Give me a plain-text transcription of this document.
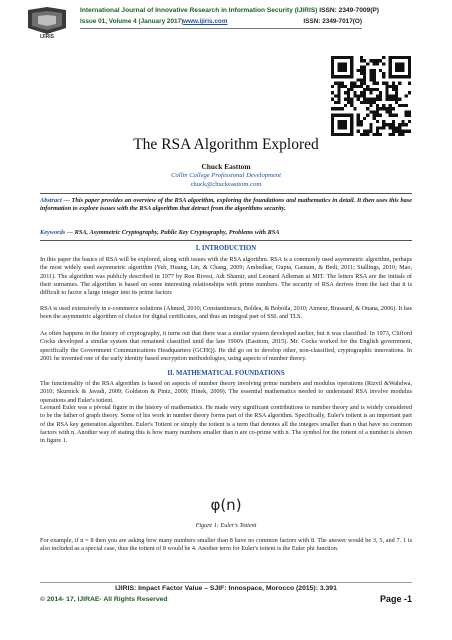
IJIRIS
International Journal of Innovative Research in Information Security (IJIRIS) ISSN: 2349-7009(P)
Issue 01, Volume 4 (January 2017) www.ijiris.com	ISSN: 2349-7017(O)
The RSA Algorithm Explored
Chuck Easttom
Collin College Professional Development
chuck@chuckeasttom.com
Abstract — This paper provides an overview of the RSA algorithm, exploring the foundations and mathematics in detail. It then uses this base information to explore issues with the RSA algorithm that detract from the algorithms security.
Keywords — RSA, Asymmetric Cryptography, Public Key Cryptography, Problems with RSA
I. INTRODUCTION
In this paper the basics of RSA will be explored, along with issues with the RSA algorithm. RSA is a commonly used asymmetric algorithm, perhaps the most widely used asymmetric algorithm (Yeh, Huang, Lin, & Chang, 2009; Ambedkar, Gupta, Gautam, & Bedi, 2011; Stallings, 2010; Mao, 2011). The algorithm was publicly described in 1977 by Ron Rivest, Adi Shamir, and Leonard Adleman at MIT. The letters RSA are the initials of their surnames. The algorithm is based on some interesting relationships with prime numbers. The security of RSA derives from the fact that it is difficult to factor a large integer into its prime factors
RSA is used extensively in e-commerce solutions (Ahmed, 2010; Constantinescu, Boldea, & Boboila, 2010; Aimeur, Brassard, & Onana, 2006). It has been the asymmetric algorithm of choice for digital certificates, and thus an integral part of SSL and TLS.
As often happens in the history of cryptography, it turns out that there was a similar system developed earlier, but it was classified. In 1973, Clifford Cocks developed a similar system that remained classified until the late 1990's (Easttom, 2015). Mr. Cocks worked for the English government, specifically the Government Communications Headquarters (GCHQ). He did go on to develop other, non-classified, cryptographic innovations. In 2001 he invented one of the early identity based encryption methodologies, using aspects of number theory.
II. MATHEMATICAL FOUNDATIONS
The functionality of the RSA algorithm is based on aspects of number theory involving prime numbers and modulus operations (Rizvil &Wahdwa, 2010; Skurnick & Javadi, 2009; Goldston & Pintz, 2009; Hinek, 2009). The essential mathematics needed to understand RSA involve modulus operations and Euler's totient.
Leonard Euler was a pivotal figure in the history of mathematics. He made very significant contributions to number theory and is widely considered to be the father of graph theory. Some of his work in number theory forms part of the RSA algorithm. Specifically, Euler's totient is an important part of the RSA key generation algorithm. Euler's Totient or simply the totient is a term that denotes all the integers smaller than n that have no common factors with n. Another way of stating this is how many numbers smaller than n are co-prime with n. The symbol for the totient of a number is shown in figure 1.
φ(n)
Figure 1: Euler's Totient
For example, if n = 8 then you are asking how many numbers smaller than 8 have no common factors with 8. The answer would be 3, 5, and 7. 1 is also included as a special case, thus the totient of 8 would be 4. Another term for Euler's totient is the Euler phi function.
IJIRIS: Impact Factor Value – SJIF: Innospace, Morocco (2015): 3.391
© 2014- 17, IJIRAE- All Rights Reserved	Page -1
